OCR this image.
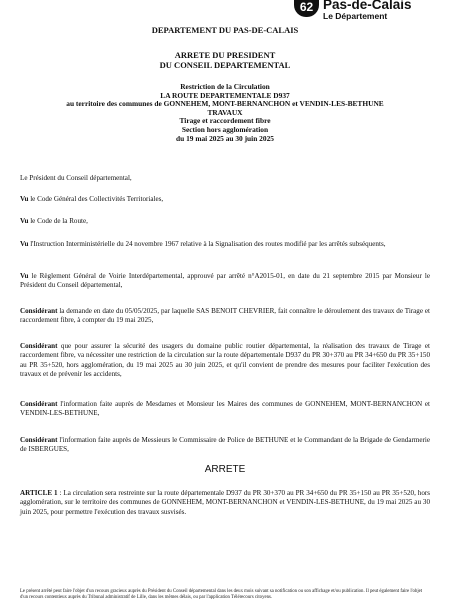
62 Pas-de-Calais
Le Département
DEPARTEMENT DU PAS-DE-CALAIS
ARRETE DU PRESIDENT
DU CONSEIL DEPARTEMENTAL
Restriction de la Circulation
LA ROUTE DEPARTEMENTALE D937
au territoire des communes de GONNEHEM, MONT-BERNANCHON et VENDIN-LES-BETHUNE
TRAVAUX
Tirage et raccordement fibre
Section hors agglomération
du 19 mai 2025 au 30 juin 2025
Le Président du Conseil départemental,
Vu le Code Général des Collectivités Territoriales,
Vu le Code de la Route,
Vu l'Instruction Interministérielle du 24 novembre 1967 relative à la Signalisation des routes modifié par les arrêtés subséquents,
Vu le Règlement Général de Voirie Interdépartemental, approuvé par arrêté n°A2015-01, en date du 21 septembre 2015 par Monsieur le Président du Conseil départemental,
Considérant la demande en date du 05/05/2025, par laquelle SAS BENOIT CHEVRIER, fait connaître le déroulement des travaux de Tirage et raccordement fibre, à compter du 19 mai 2025,
Considérant que pour assurer la sécurité des usagers du domaine public routier départemental, la réalisation des travaux de Tirage et raccordement fibre, va nécessiter une restriction de la circulation sur la route départementale D937 du PR 30+370 au PR 34+650 du PR 35+150 au PR 35+520, hors agglomération, du 19 mai 2025 au 30 juin 2025, et qu'il convient de prendre des mesures pour faciliter l'exécution des travaux et de prévenir les accidents,
Considérant l'information faite auprès de Mesdames et Monsieur les Maires des communes de GONNEHEM, MONT-BERNANCHON et VENDIN-LES-BETHUNE,
Considérant l'information faite auprès de Messieurs le Commissaire de Police de BETHUNE et le Commandant de la Brigade de Gendarmerie de ISBERGUES,
ARRETE
ARTICLE 1 : La circulation sera restreinte sur la route départementale D937 du PR 30+370 au PR 34+650 du PR 35+150 au PR 35+520, hors agglomération, sur le territoire des communes de GONNEHEM, MONT-BERNANCHON et VENDIN-LES-BETHUNE, du 19 mai 2025 au 30 juin 2025, pour permettre l'exécution des travaux susvisés.
Le présent arrêté peut faire l'objet d'un recours gracieux auprès du Président du Conseil départemental dans les deux mois suivant sa notification ou son affichage et/ou publication. Il peut également faire l'objet d'un recours contentieux auprès du Tribunal administratif de Lille, dans les mêmes délais, ou par l'application Télérecours citoyens.
